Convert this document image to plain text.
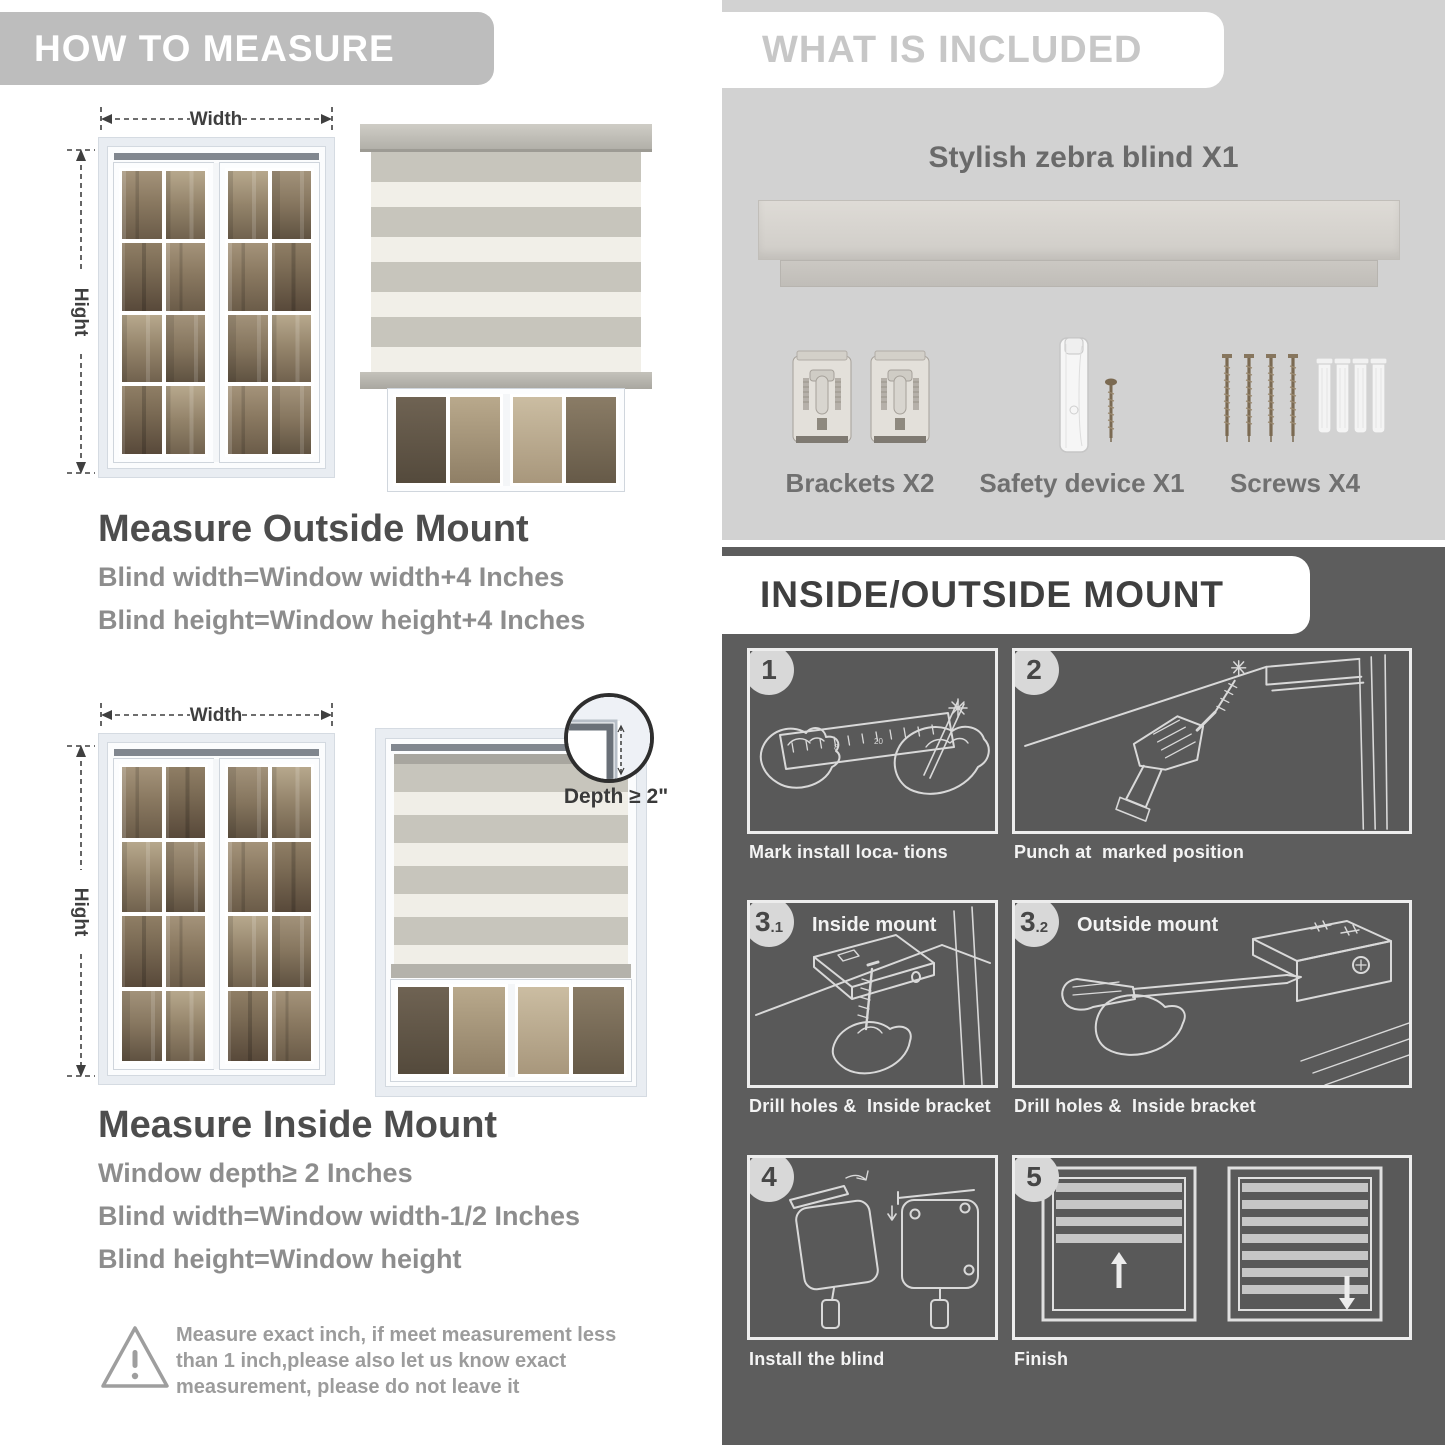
HOW TO MEASURE
Width
Hight
Measure Outside Mount

Blind width=Window width+4 Inches

Blind height=Window height+4 Inches

Width
Hight
Depth ≥ 2"
Measure Inside Mount

Window depth≥ 2 Inches

Blind width=Window width-1/2 Inches

Blind height=Window height

Measure exact inch, if meet measurement less
than 1 inch,please also let us know exact
measurement, please do not leave it
WHAT IS INCLUDED
Stylish zebra blind X1
Brackets X2	Safety device X1	Screws X4
INSIDE/OUTSIDE MOUNT
1
8
20
Mark install loca- tions
2
Punch at  marked position
3 .1 Inside mount
Drill holes &  Inside bracket
3 .2 Outside mount
Drill holes &  Inside bracket
4
Install the blind
5
Finish
